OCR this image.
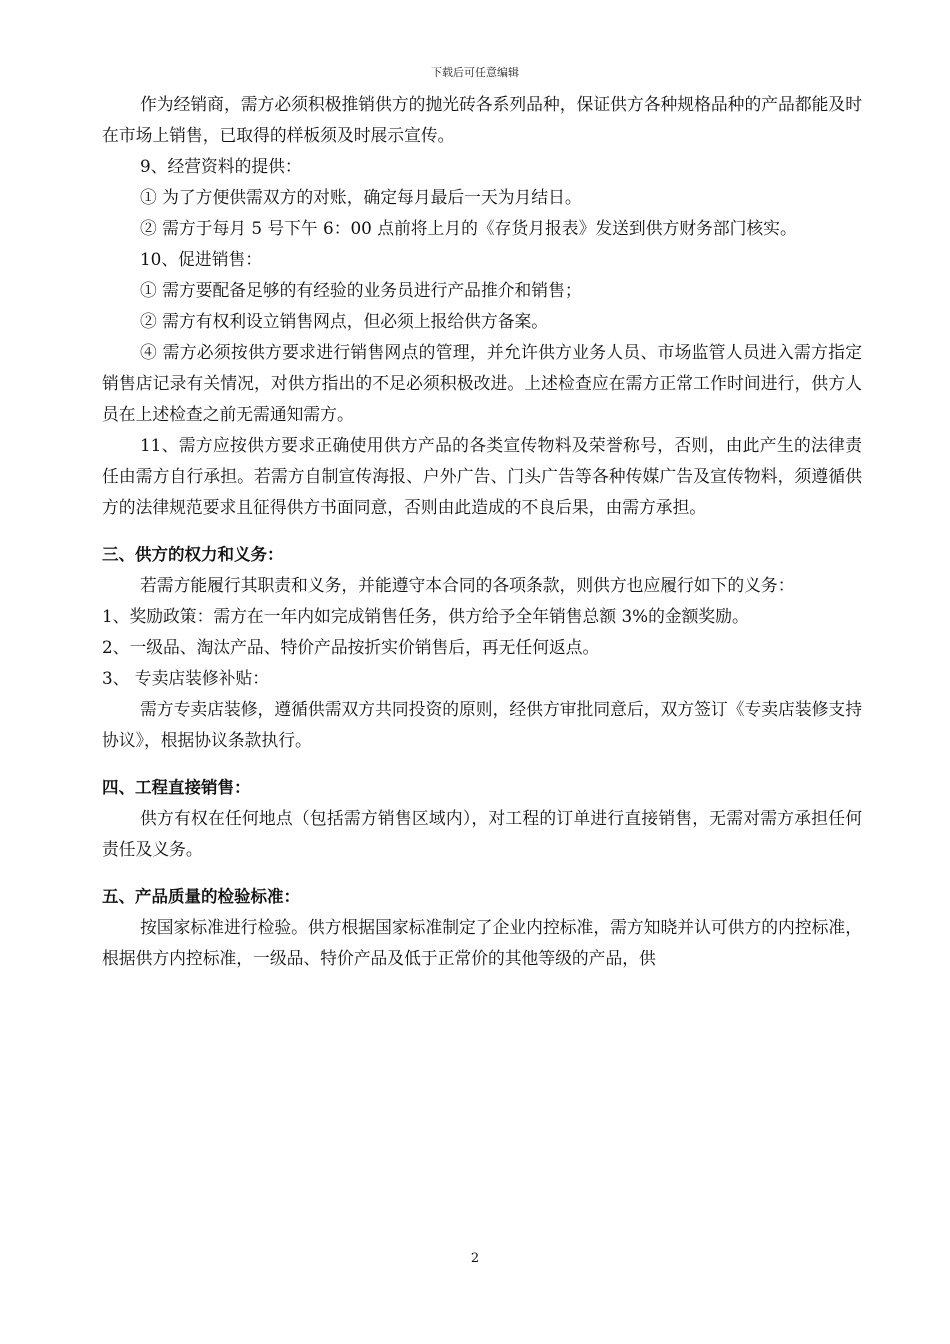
下载后可任意编辑

作为经销商，需方必须积极推销供方的抛光砖各系列品种，保证供方各种规格品种的产品都能及时在市场上销售，已取得的样板须及时展示宣传。

9、经营资料的提供：

① 为了方便供需双方的对账，确定每月最后一天为月结日。

② 需方于每月 5 号下午 6：00 点前将上月的《存货月报表》发送到供方财务部门核实。

10、促进销售：

① 需方要配备足够的有经验的业务员进行产品推介和销售；

② 需方有权利设立销售网点，但必须上报给供方备案。

④ 需方必须按供方要求进行销售网点的管理，并允许供方业务人员、市场监管人员进入需方指定销售店记录有关情况，对供方指出的不足必须积极改进。上述检查应在需方正常工作时间进行，供方人员在上述检查之前无需通知需方。

11、需方应按供方要求正确使用供方产品的各类宣传物料及荣誉称号，否则，由此产生的法律责任由需方自行承担。若需方自制宣传海报、户外广告、门头广告等各种传媒广告及宣传物料，须遵循供方的法律规范要求且征得供方书面同意，否则由此造成的不良后果，由需方承担。

三、供方的权力和义务：

若需方能履行其职责和义务，并能遵守本合同的各项条款，则供方也应履行如下的义务：

1、奖励政策：需方在一年内如完成销售任务，供方给予全年销售总额 3%的金额奖励。

2、一级品、淘汰产品、特价产品按折实价销售后，再无任何返点。

3、 专卖店装修补贴：

需方专卖店装修，遵循供需双方共同投资的原则，经供方审批同意后，双方签订《专卖店装修支持协议》，根据协议条款执行。

四、工程直接销售：

供方有权在任何地点（包括需方销售区域内），对工程的订单进行直接销售，无需对需方承担任何责任及义务。

五、产品质量的检验标准：

按国家标准进行检验。供方根据国家标准制定了企业内控标准，需方知晓并认可供方的内控标准，根据供方内控标准，一级品、特价产品及低于正常价的其他等级的产品，供

2
